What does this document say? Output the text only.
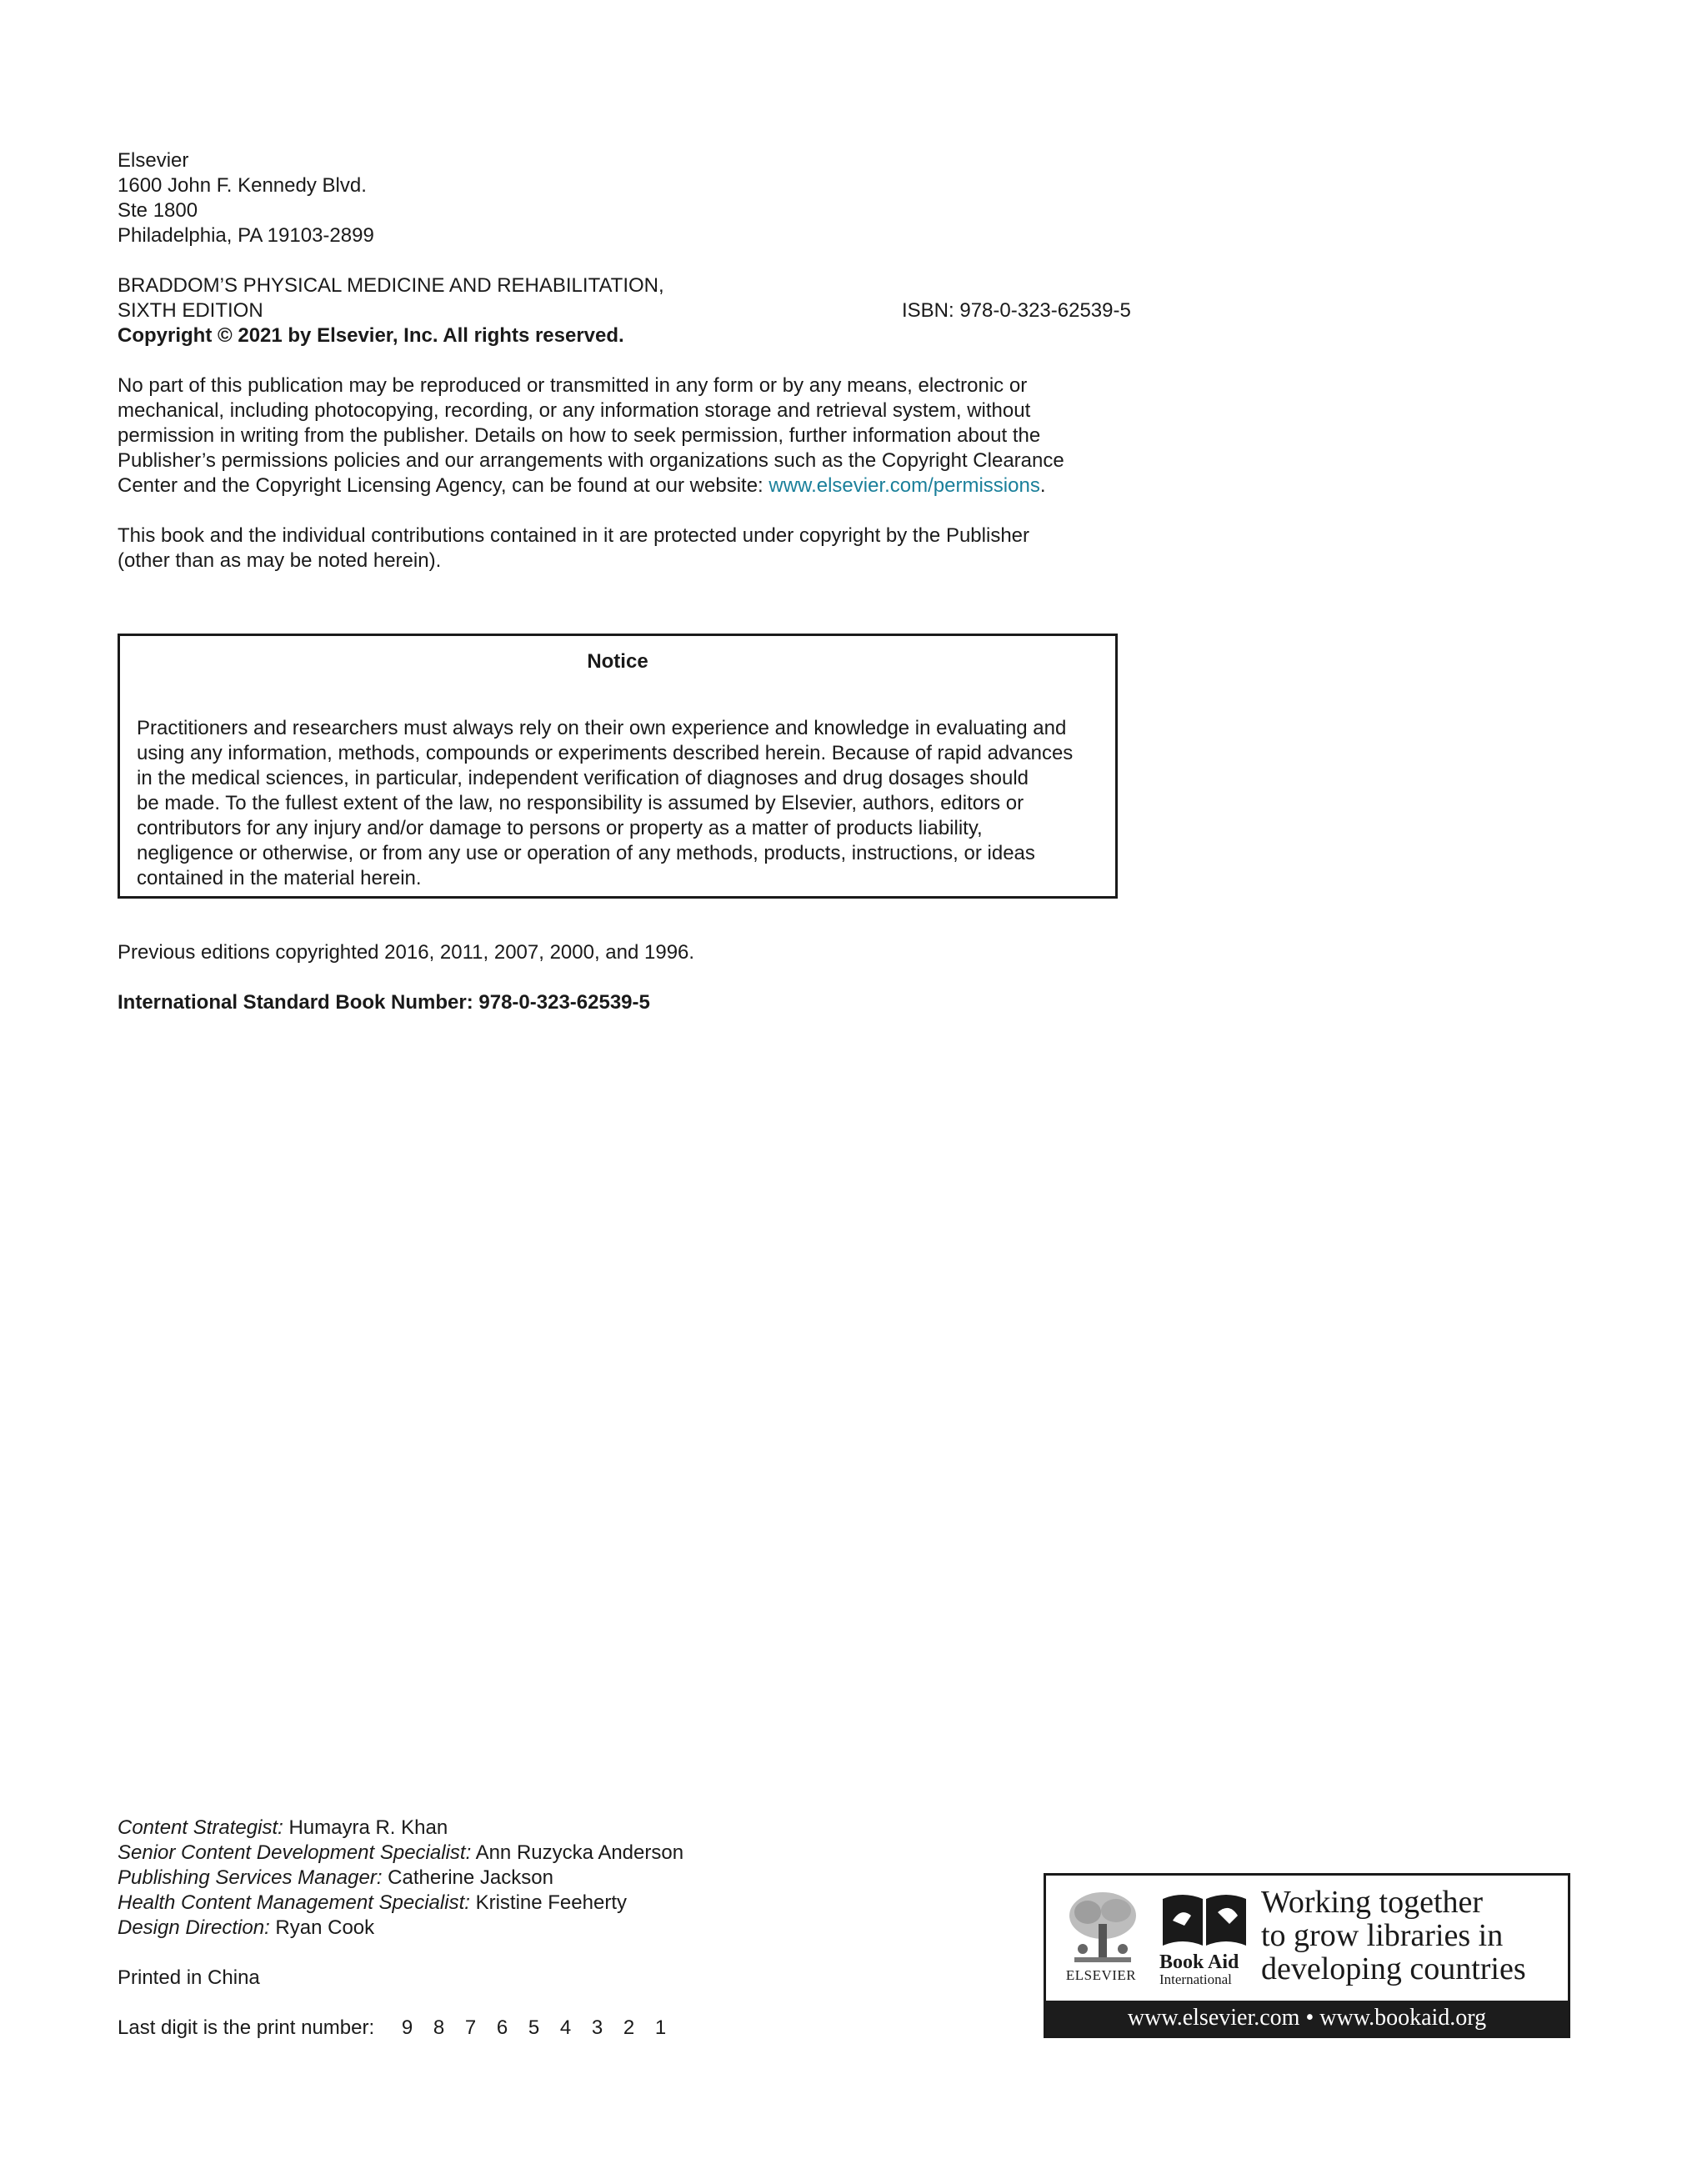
Elsevier
1600 John F. Kennedy Blvd.
Ste 1800
Philadelphia, PA 19103-2899
BRADDOM’S PHYSICAL MEDICINE AND REHABILITATION,
SIXTH EDITION
Copyright © 2021 by Elsevier, Inc. All rights reserved.
ISBN: 978-0-323-62539-5
No part of this publication may be reproduced or transmitted in any form or by any means, electronic or
mechanical, including photocopying, recording, or any information storage and retrieval system, without
permission in writing from the publisher. Details on how to seek permission, further information about the
Publisher’s permissions policies and our arrangements with organizations such as the Copyright Clearance
Center and the Copyright Licensing Agency, can be found at our website: www.elsevier.com/permissions.
This book and the individual contributions contained in it are protected under copyright by the Publisher
(other than as may be noted herein).
Notice
Practitioners and researchers must always rely on their own experience and knowledge in evaluating and
using any information, methods, compounds or experiments described herein. Because of rapid advances
in the medical sciences, in particular, independent verification of diagnoses and drug dosages should
be made. To the fullest extent of the law, no responsibility is assumed by Elsevier, authors, editors or
contributors for any injury and/or damage to persons or property as a matter of products liability,
negligence or otherwise, or from any use or operation of any methods, products, instructions, or ideas
contained in the material herein.
Previous editions copyrighted 2016, 2011, 2007, 2000, and 1996.
International Standard Book Number: 978-0-323-62539-5
Content Strategist: Humayra R. Khan
Senior Content Development Specialist: Ann Ruzycka Anderson
Publishing Services Manager: Catherine Jackson
Health Content Management Specialist: Kristine Feeherty
Design Direction: Ryan Cook
Printed in China
Last digit is the print number: 9 8 7 6 5 4 3 2 1
ELSEVIER
Book Aid
International
Working together
to grow libraries in
developing countries
www.elsevier.com • www.bookaid.org
